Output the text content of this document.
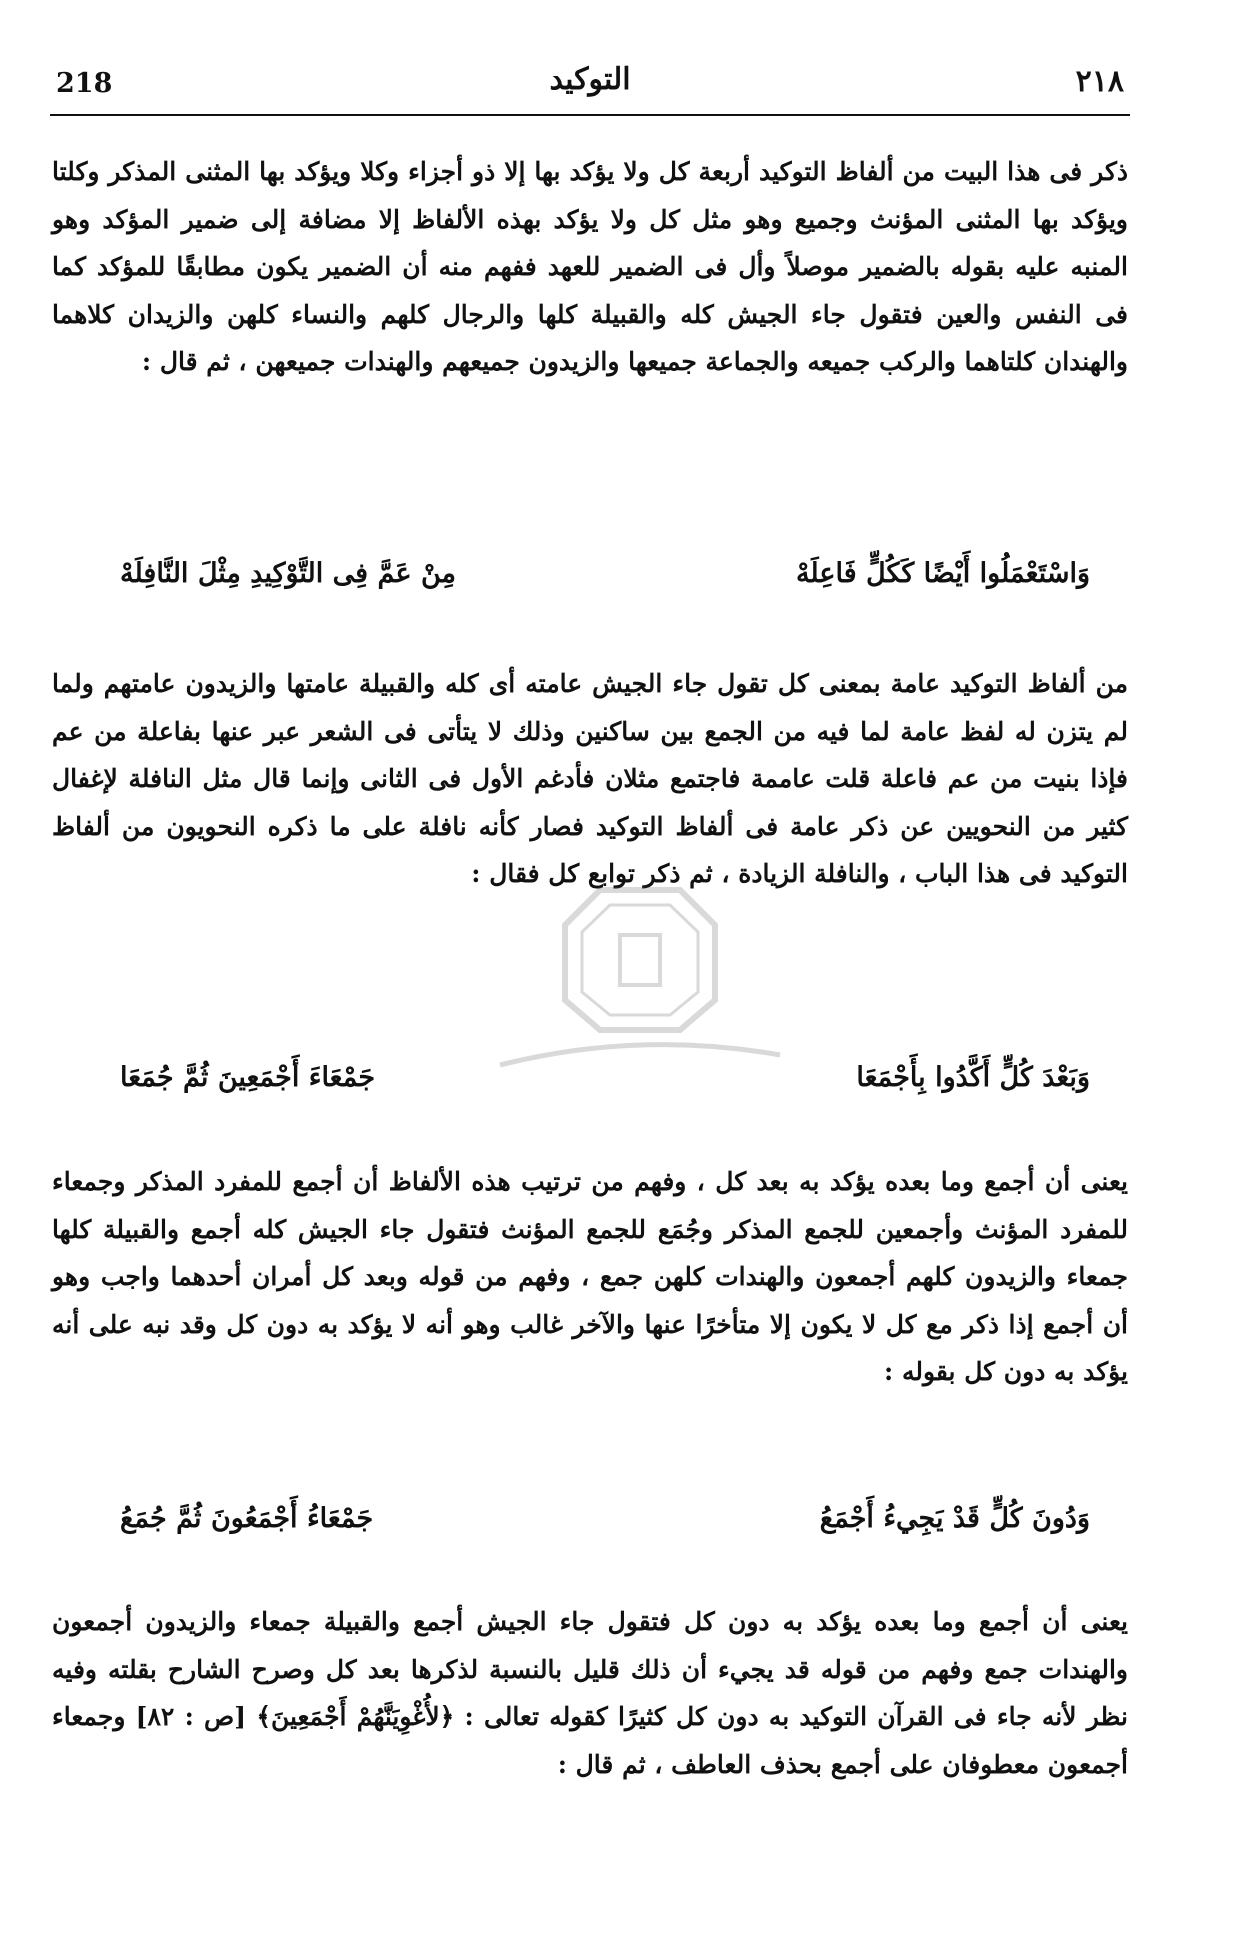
218	التوكيد	٢١٨

ذكر فى هذا البيت من ألفاظ التوكيد أربعة كل ولا يؤكد بها إلا ذو أجزاء وكلا ويؤكد بها المثنى المذكر وكلتا ويؤكد بها المثنى المؤنث وجميع وهو مثل كل ولا يؤكد بهذه الألفاظ إلا مضافة إلى ضمير المؤكد وهو المنبه عليه بقوله بالضمير موصلاً وأل فى الضمير للعهد ففهم منه أن الضمير يكون مطابقًا للمؤكد كما فى النفس والعين فتقول جاء الجيش كله والقبيلة كلها والرجال كلهم والنساء كلهن والزيدان كلاهما والهندان كلتاهما والركب جميعه والجماعة جميعها والزيدون جميعهم والهندات جميعهن ، ثم قال :

وَاسْتَعْمَلُوا أَيْضًا كَكُلٍّ فَاعِلَهْ
مِنْ عَمَّ فِى التَّوْكِيدِ مِثْلَ النَّافِلَهْ

من ألفاظ التوكيد عامة بمعنى كل تقول جاء الجيش عامته أى كله والقبيلة عامتها والزيدون عامتهم ولما لم يتزن له لفظ عامة لما فيه من الجمع بين ساكنين وذلك لا يتأتى فى الشعر عبر عنها بفاعلة من عم فإذا بنيت من عم فاعلة قلت عاممة فاجتمع مثلان فأدغم الأول فى الثانى وإنما قال مثل النافلة لإغفال كثير من النحويين عن ذكر عامة فى ألفاظ التوكيد فصار كأنه نافلة على ما ذكره النحويون من ألفاظ التوكيد فى هذا الباب ، والنافلة الزيادة ، ثم ذكر توابع كل فقال :

وَبَعْدَ كُلٍّ أَكَّدُوا بِأَجْمَعَا
جَمْعَاءَ أَجْمَعِينَ ثُمَّ جُمَعَا

يعنى أن أجمع وما بعده يؤكد به بعد كل ، وفهم من ترتيب هذه الألفاظ أن أجمع للمفرد المذكر وجمعاء للمفرد المؤنث وأجمعين للجمع المذكر وجُمَع للجمع المؤنث فتقول جاء الجيش كله أجمع والقبيلة كلها جمعاء والزيدون كلهم أجمعون والهندات كلهن جمع ، وفهم من قوله وبعد كل أمران أحدهما واجب وهو أن أجمع إذا ذكر مع كل لا يكون إلا متأخرًا عنها والآخر غالب وهو أنه لا يؤكد به دون كل وقد نبه على أنه يؤكد به دون كل بقوله :

وَدُونَ كُلٍّ قَدْ يَجِيءُ أَجْمَعُ
جَمْعَاءُ أَجْمَعُونَ ثُمَّ جُمَعُ

يعنى أن أجمع وما بعده يؤكد به دون كل فتقول جاء الجيش أجمع والقبيلة جمعاء والزيدون أجمعون والهندات جمع وفهم من قوله قد يجيء أن ذلك قليل بالنسبة لذكرها بعد كل وصرح الشارح بقلته وفيه نظر لأنه جاء فى القرآن التوكيد به دون كل كثيرًا كقوله تعالى : ﴿لأُغْوِيَنَّهُمْ أَجْمَعِينَ﴾ [ص : ٨٢] وجمعاء أجمعون معطوفان على أجمع بحذف العاطف ، ثم قال :
